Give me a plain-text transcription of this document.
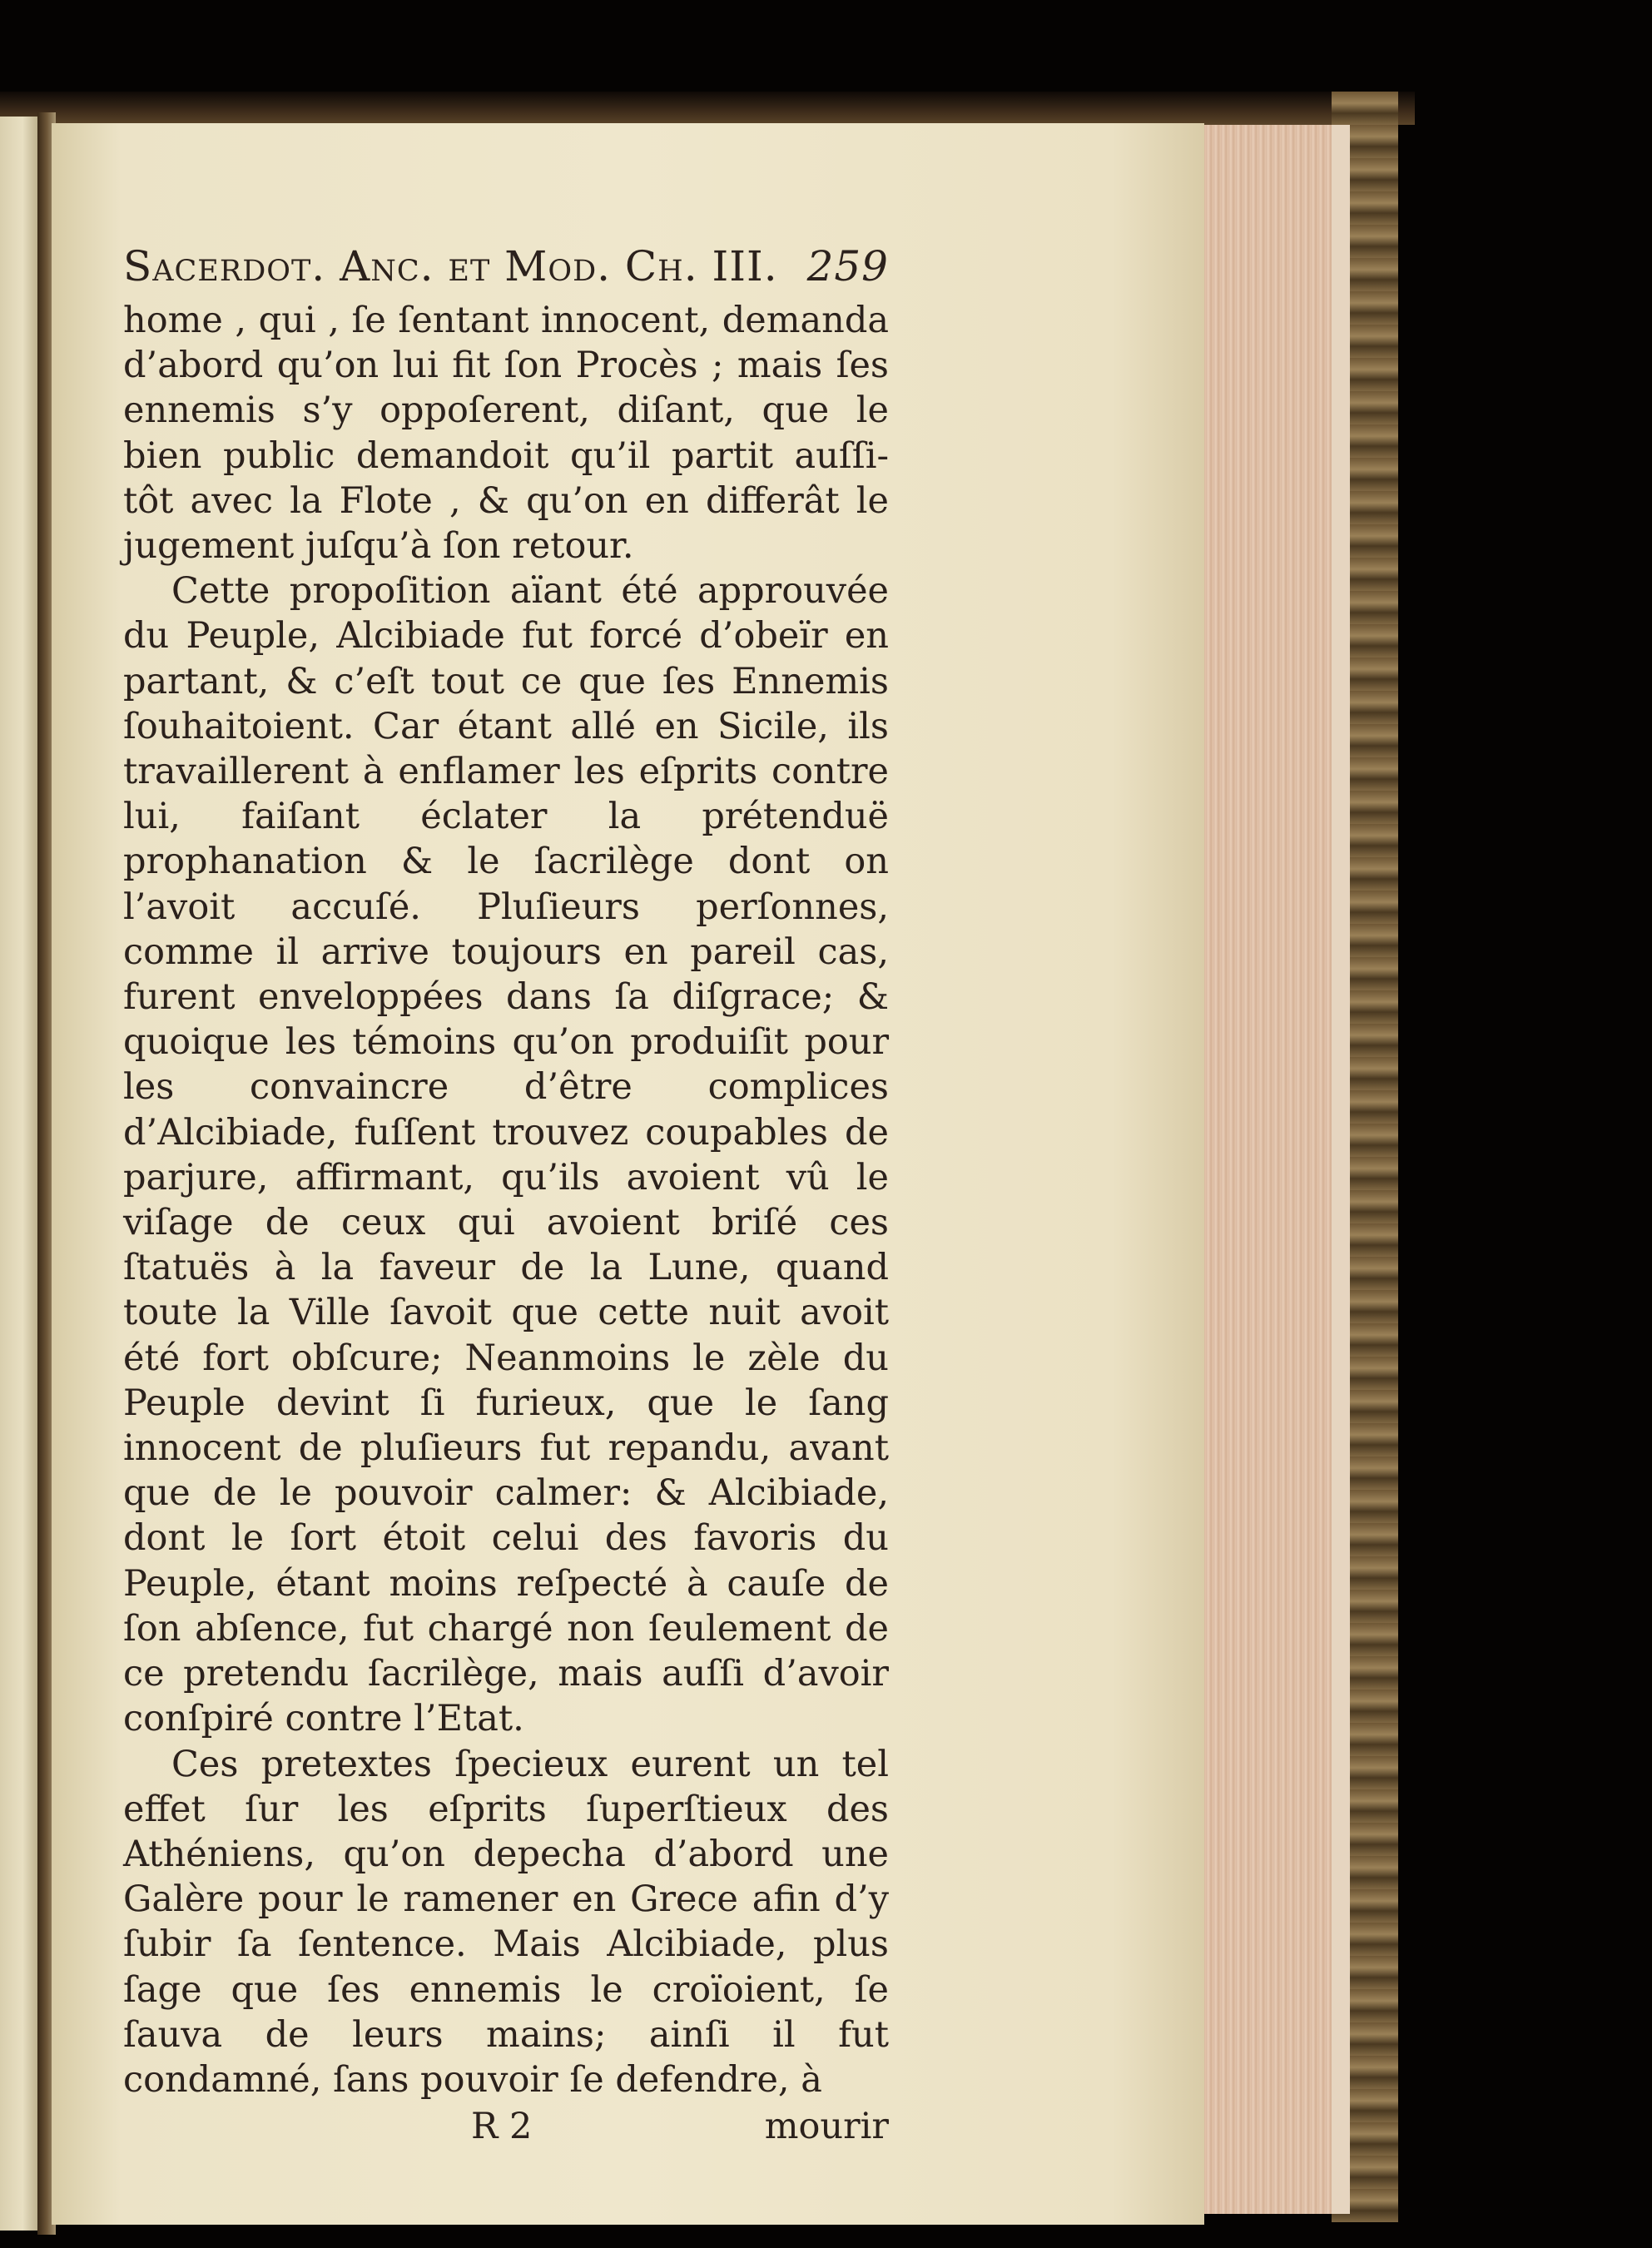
Sacerdot. Anc. et Mod. Ch. III. 259

home , qui , ſe ſentant innocent, demanda d’abord qu’on lui fit ſon Procès ; mais ſes ennemis s’y oppoſerent, diſant, que le bien public demandoit qu’il partit auſſi-tôt avec la Flote , & qu’on en differât le jugement juſqu’à ſon retour.

Cette propoſition aïant été approuvée du Peuple, Alcibiade fut forcé d’obeïr en partant, & c’eſt tout ce que ſes Ennemis ſouhaitoient. Car étant allé en Sicile, ils travaillerent à enflamer les eſprits contre lui, faiſant éclater la prétenduë prophanation & le ſacrilège dont on l’avoit accuſé. Pluſieurs perſonnes, comme il arrive toujours en pareil cas, furent enveloppées dans ſa diſgrace; & quoique les témoins qu’on produiſit pour les convaincre d’être complices d’Alcibiade, fuſſent trouvez coupables de parjure, affirmant, qu’ils avoient vû le viſage de ceux qui avoient briſé ces ſtatuës à la faveur de la Lune, quand toute la Ville ſavoit que cette nuit avoit été fort obſcure; Neanmoins le zèle du Peuple devint ſi furieux, que le ſang innocent de pluſieurs fut repandu, avant que de le pouvoir calmer: & Alcibiade, dont le ſort étoit celui des favoris du Peuple, étant moins reſpecté à cauſe de ſon abſence, fut chargé non ſeulement de ce pretendu ſacrilège, mais auſſi d’avoir conſpiré contre l’Etat.

Ces pretextes ſpecieux eurent un tel effet ſur les eſprits ſuperſtieux des Athéniens, qu’on depecha d’abord une Galère pour le ramener en Grece afin d’y ſubir ſa ſentence. Mais Alcibiade, plus ſage que ſes ennemis le croïoient, ſe ſauva de leurs mains; ainſi il fut condamné, ſans pouvoir ſe defendre, à

R 2	mourir
